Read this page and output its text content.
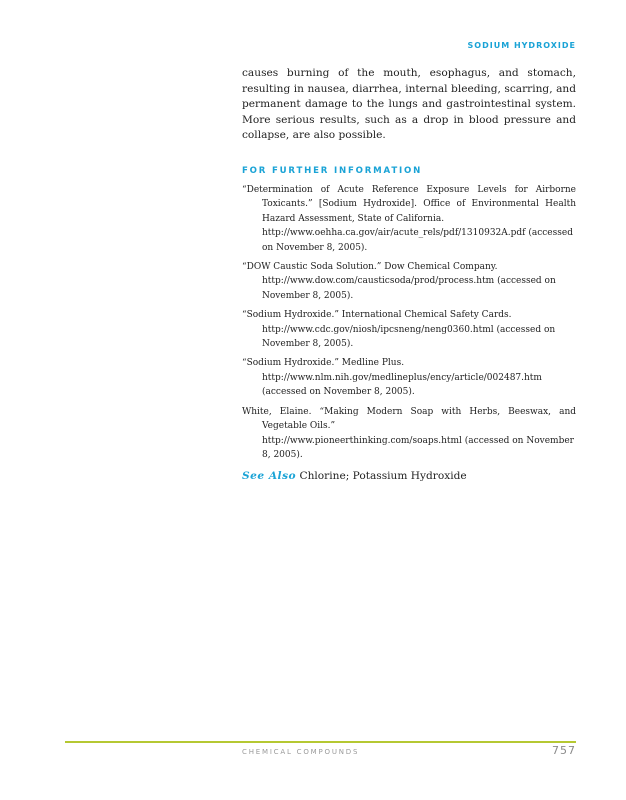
SODIUM HYDROXIDE

causes burning of the mouth, esophagus, and stomach, resulting in nausea, diarrhea, internal bleeding, scarring, and permanent damage to the lungs and gastrointestinal system. More serious results, such as a drop in blood pressure and collapse, are also possible.

FOR FURTHER INFORMATION
“Determination of Acute Reference Exposure Levels for Airborne Toxicants.” [Sodium Hydroxide]. Office of Environmental Health Hazard Assessment, State of California.
http://www.oehha.ca.gov/air/acute_rels/pdf/1310932A.pdf (accessed on November 8, 2005).
“DOW Caustic Soda Solution.” Dow Chemical Company.
http://www.dow.com/causticsoda/prod/process.htm (accessed on November 8, 2005).
“Sodium Hydroxide.” International Chemical Safety Cards.
http://www.cdc.gov/niosh/ipcsneng/neng0360.html (accessed on November 8, 2005).
“Sodium Hydroxide.” Medline Plus.
http://www.nlm.nih.gov/medlineplus/ency/article/002487.htm (accessed on November 8, 2005).
White, Elaine. “Making Modern Soap with Herbs, Beeswax, and Vegetable Oils.”
http://www.pioneerthinking.com/soaps.html (accessed on November 8, 2005).
See Also Chlorine; Potassium Hydroxide
CHEMICAL COMPOUNDS	757
